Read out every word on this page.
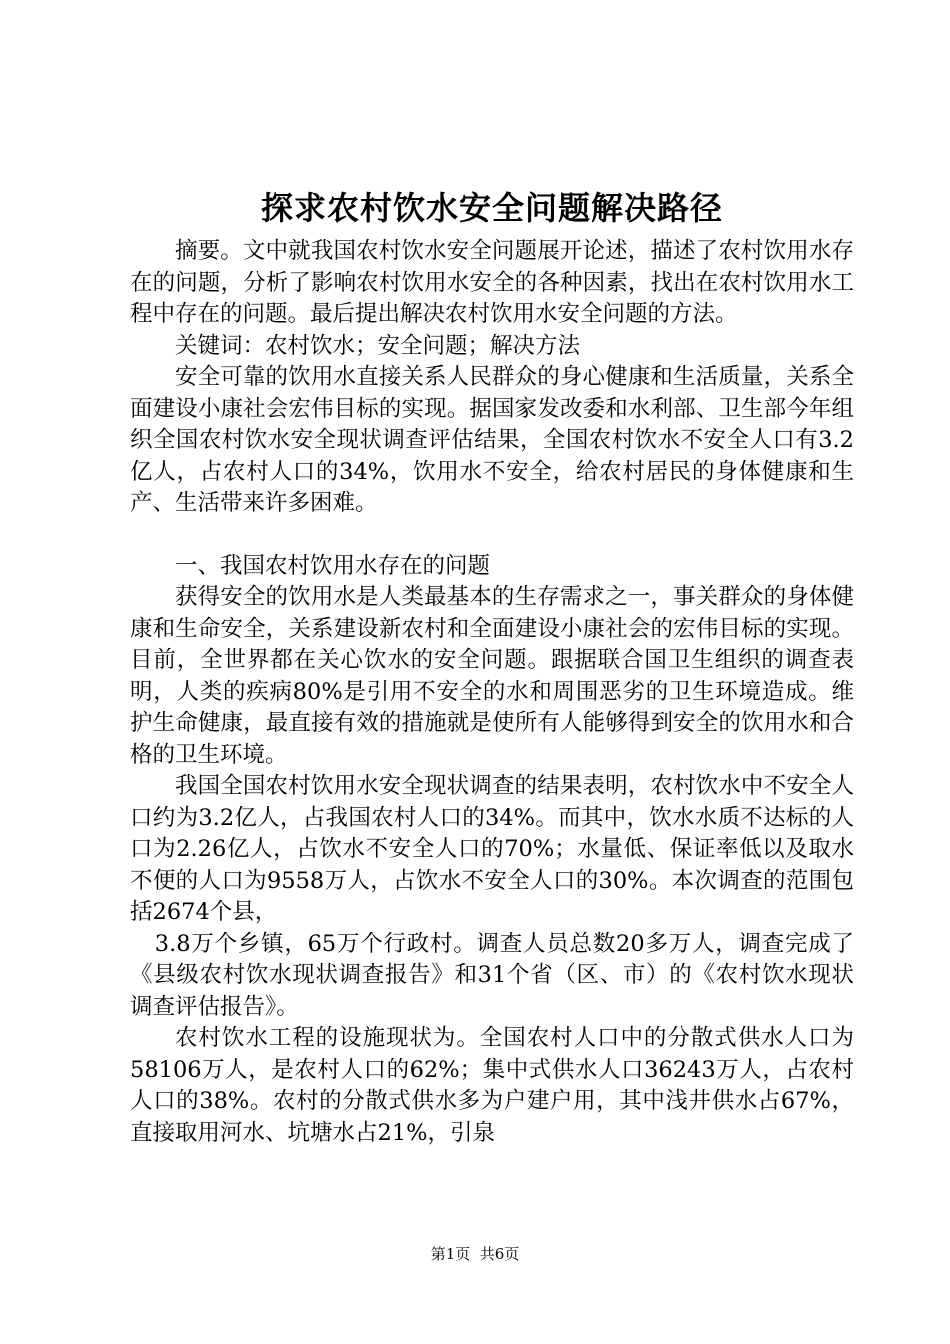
探求农村饮水安全问题解决路径

摘要。文中就我国农村饮水安全问题展开论述，描述了农村饮用水存在的问题，分析了影响农村饮用水安全的各种因素，找出在农村饮用水工程中存在的问题。最后提出解决农村饮用水安全问题的方法。

关键词：农村饮水；安全问题；解决方法

安全可靠的饮用水直接关系人民群众的身心健康和生活质量，关系全面建设小康社会宏伟目标的实现。据国家发改委和水利部、卫生部今年组织全国农村饮水安全现状调查评估结果，全国农村饮水不安全人口有3.2亿人，占农村人口的34%，饮用水不安全，给农村居民的身体健康和生产、生活带来许多困难。

一、我国农村饮用水存在的问题

获得安全的饮用水是人类最基本的生存需求之一，事关群众的身体健康和生命安全，关系建设新农村和全面建设小康社会的宏伟目标的实现。目前，全世界都在关心饮水的安全问题。跟据联合国卫生组织的调查表明，人类的疾病80%是引用不安全的水和周围恶劣的卫生环境造成。维护生命健康，最直接有效的措施就是使所有人能够得到安全的饮用水和合格的卫生环境。

我国全国农村饮用水安全现状调查的结果表明，农村饮水中不安全人口约为3.2亿人，占我国农村人口的34%。而其中，饮水水质不达标的人口为2.26亿人，占饮水不安全人口的70%；水量低、保证率低以及取水不便的人口为9558万人，占饮水不安全人口的30%。本次调查的范围包括2674个县，

3.8万个乡镇，65万个行政村。调查人员总数20多万人，调查完成了《县级农村饮水现状调查报告》和31个省（区、市）的《农村饮水现状调查评估报告》。

农村饮水工程的设施现状为。全国农村人口中的分散式供水人口为58106万人，是农村人口的62%；集中式供水人口36243万人，占农村人口的38%。农村的分散式供水多为户建户用，其中浅井供水占67%，直接取用河水、坑塘水占21%，引泉

第1页  共6页
